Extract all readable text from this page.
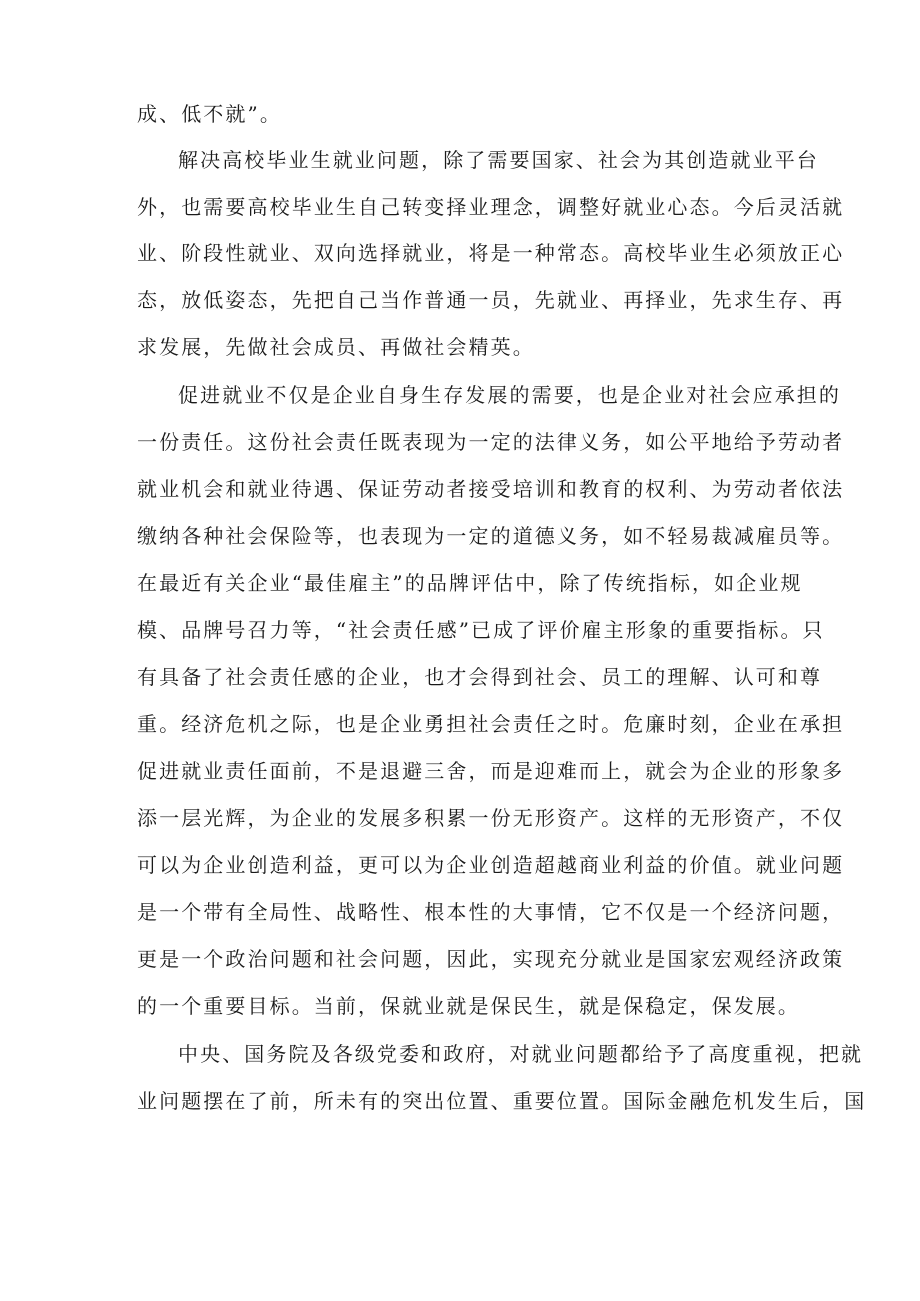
成、低不就”。
解决高校毕业生就业问题，除了需要国家、社会为其创造就业平台
外，也需要高校毕业生自己转变择业理念，调整好就业心态。今后灵活就
业、阶段性就业、双向选择就业，将是一种常态。高校毕业生必须放正心
态，放低姿态，先把自己当作普通一员，先就业、再择业，先求生存、再
求发展，先做社会成员、再做社会精英。
促进就业不仅是企业自身生存发展的需要，也是企业对社会应承担的
一份责任。这份社会责任既表现为一定的法律义务，如公平地给予劳动者
就业机会和就业待遇、保证劳动者接受培训和教育的权利、为劳动者依法
缴纳各种社会保险等，也表现为一定的道德义务，如不轻易裁减雇员等。
在最近有关企业“最佳雇主”的品牌评估中，除了传统指标，如企业规
模、品牌号召力等，“社会责任感”已成了评价雇主形象的重要指标。只
有具备了社会责任感的企业，也才会得到社会、员工的理解、认可和尊
重。经济危机之际，也是企业勇担社会责任之时。危廉时刻，企业在承担
促进就业责任面前，不是退避三舍，而是迎难而上，就会为企业的形象多
添一层光辉，为企业的发展多积累一份无形资产。这样的无形资产，不仅
可以为企业创造利益，更可以为企业创造超越商业利益的价值。就业问题
是一个带有全局性、战略性、根本性的大事情，它不仅是一个经济问题，
更是一个政治问题和社会问题，因此，实现充分就业是国家宏观经济政策
的一个重要目标。当前，保就业就是保民生，就是保稳定，保发展。
中央、国务院及各级党委和政府，对就业问题都给予了高度重视，把就
业问题摆在了前，所未有的突出位置、重要位置。国际金融危机发生后，国
